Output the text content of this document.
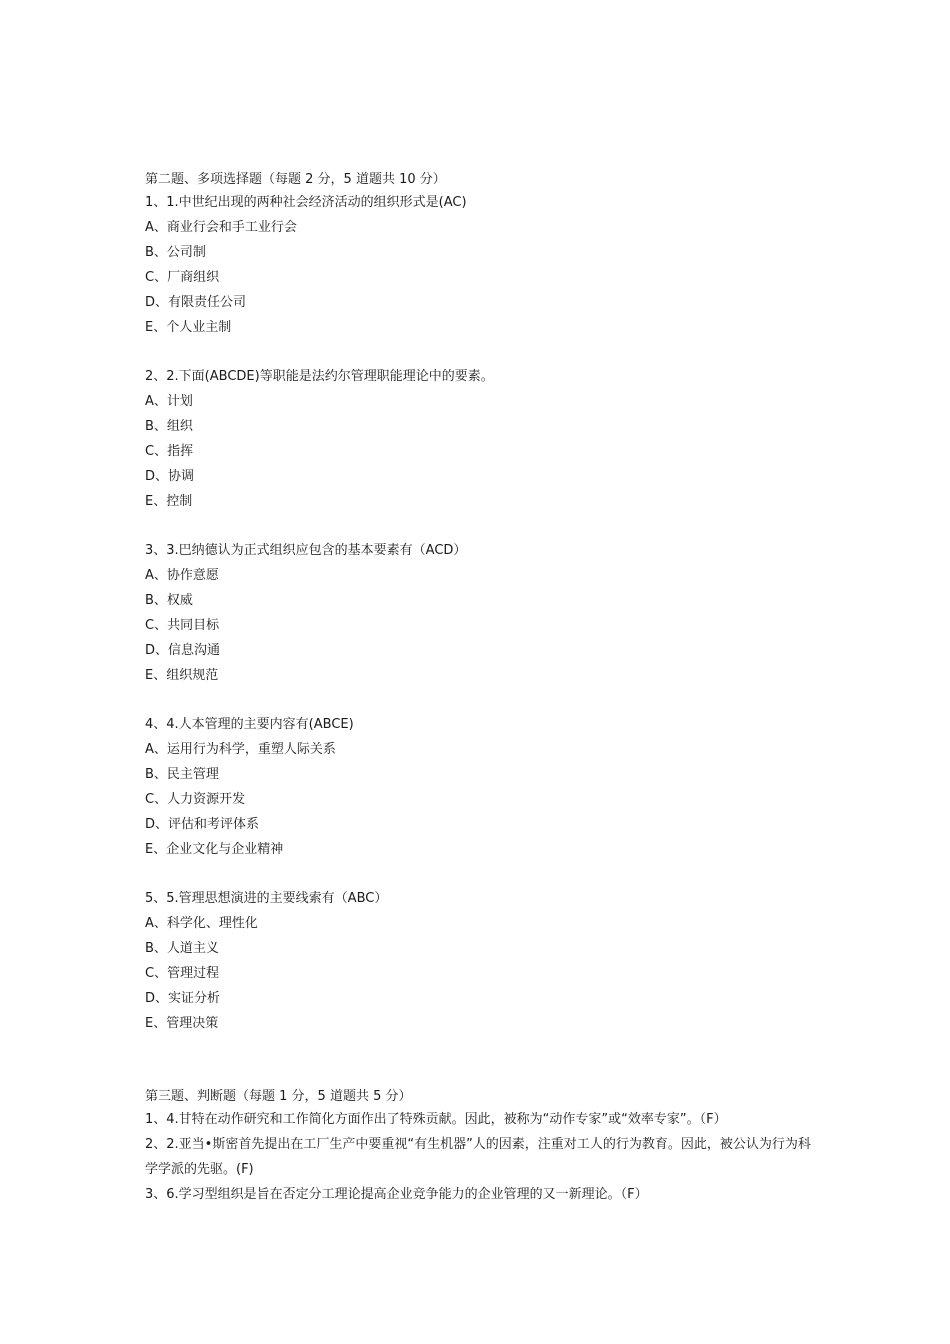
第二题、多项选择题（每题 2 分，5 道题共 10 分）
1、1.中世纪出现的两种社会经济活动的组织形式是(AC)
A、商业行会和手工业行会
B、公司制
C、厂商组织
D、有限责任公司
E、个人业主制
2、2.下面(ABCDE)等职能是法约尔管理职能理论中的要素。
A、计划
B、组织
C、指挥
D、协调
E、控制
3、3.巴纳德认为正式组织应包含的基本要素有（ACD）
A、协作意愿
B、权威
C、共同目标
D、信息沟通
E、组织规范
4、4.人本管理的主要内容有(ABCE)
A、运用行为科学，重塑人际关系
B、民主管理
C、人力资源开发
D、评估和考评体系
E、企业文化与企业精神
5、5.管理思想演进的主要线索有（ABC）
A、科学化、理性化
B、人道主义
C、管理过程
D、实证分析
E、管理决策
第三题、判断题（每题 1 分，5 道题共 5 分）
1、4.甘特在动作研究和工作简化方面作出了特殊贡献。因此，被称为“动作专家”或“效率专家”。（F）
2、2.亚当•斯密首先提出在工厂生产中要重视“有生机器”人的因素，注重对工人的行为教育。因此，被公认为行为科学学派的先驱。(F)
3、6.学习型组织是旨在否定分工理论提高企业竞争能力的企业管理的又一新理论。（F）
